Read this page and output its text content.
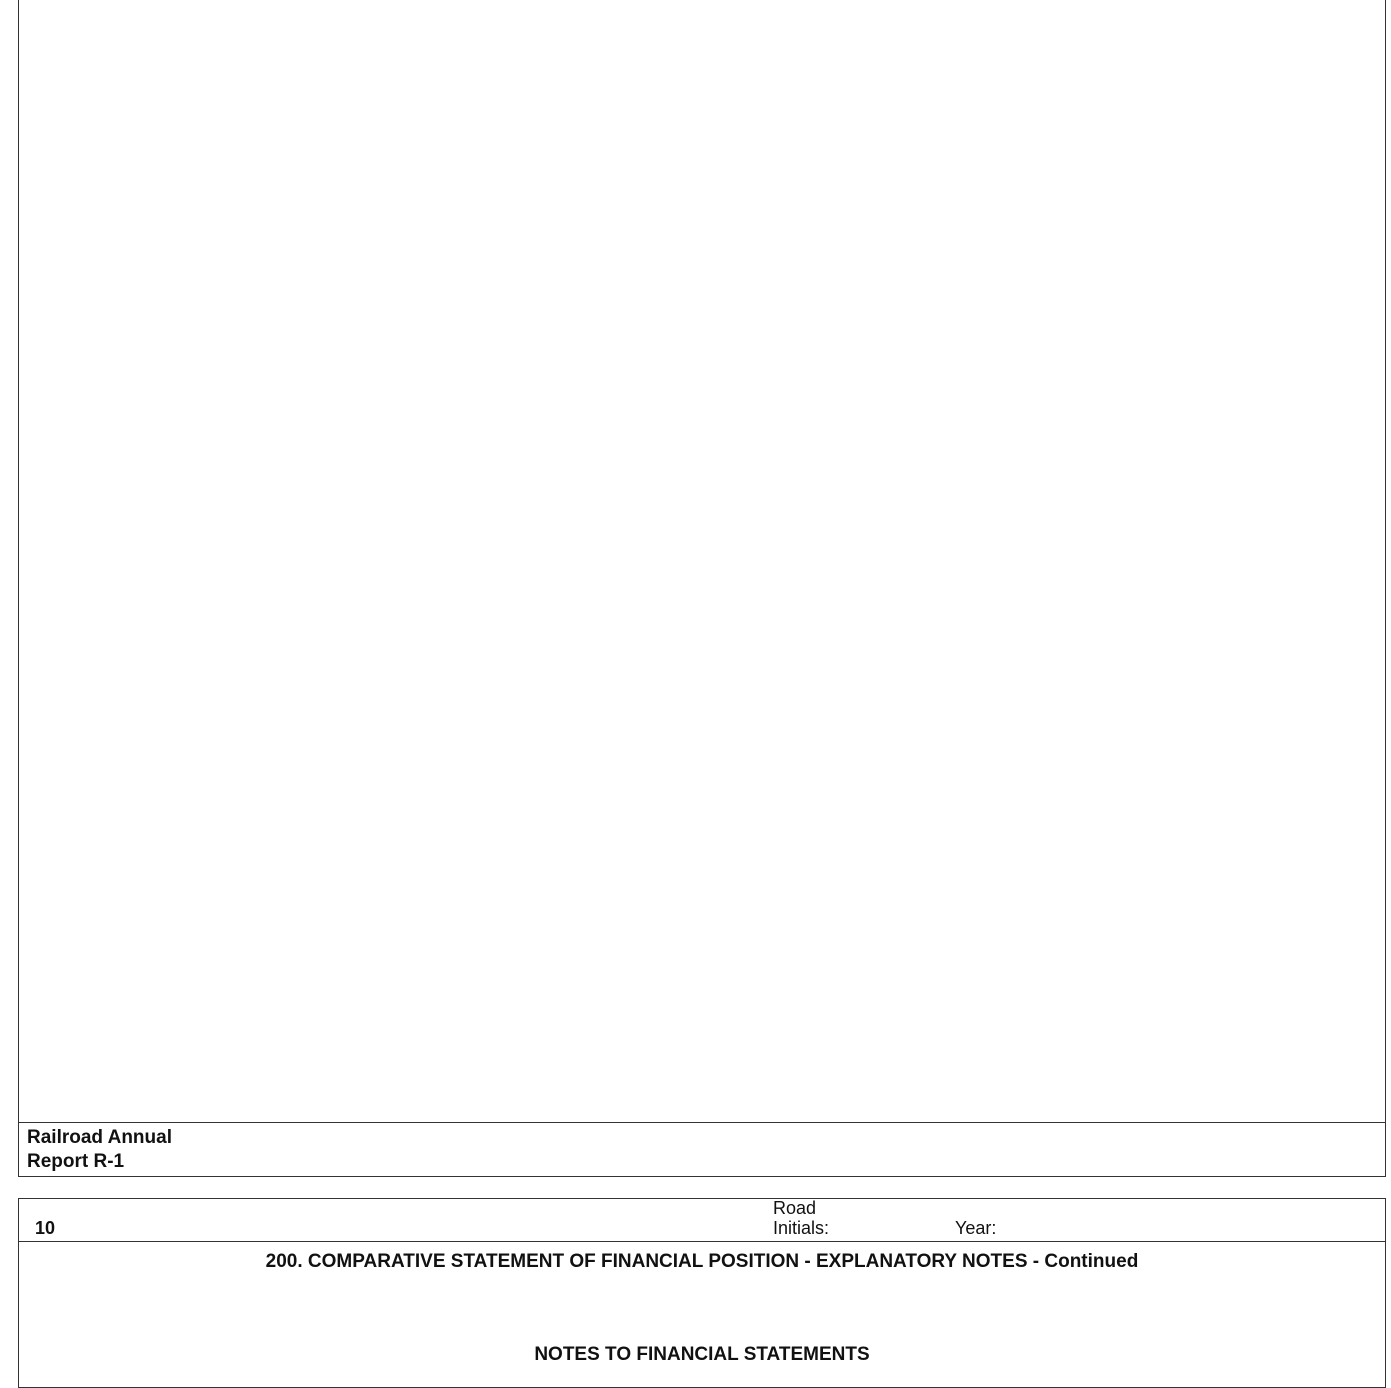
Railroad Annual
Report R-1
10
Road
Initials:	Year:
200. COMPARATIVE STATEMENT OF FINANCIAL POSITION - EXPLANATORY NOTES - Continued
NOTES TO FINANCIAL STATEMENTS
